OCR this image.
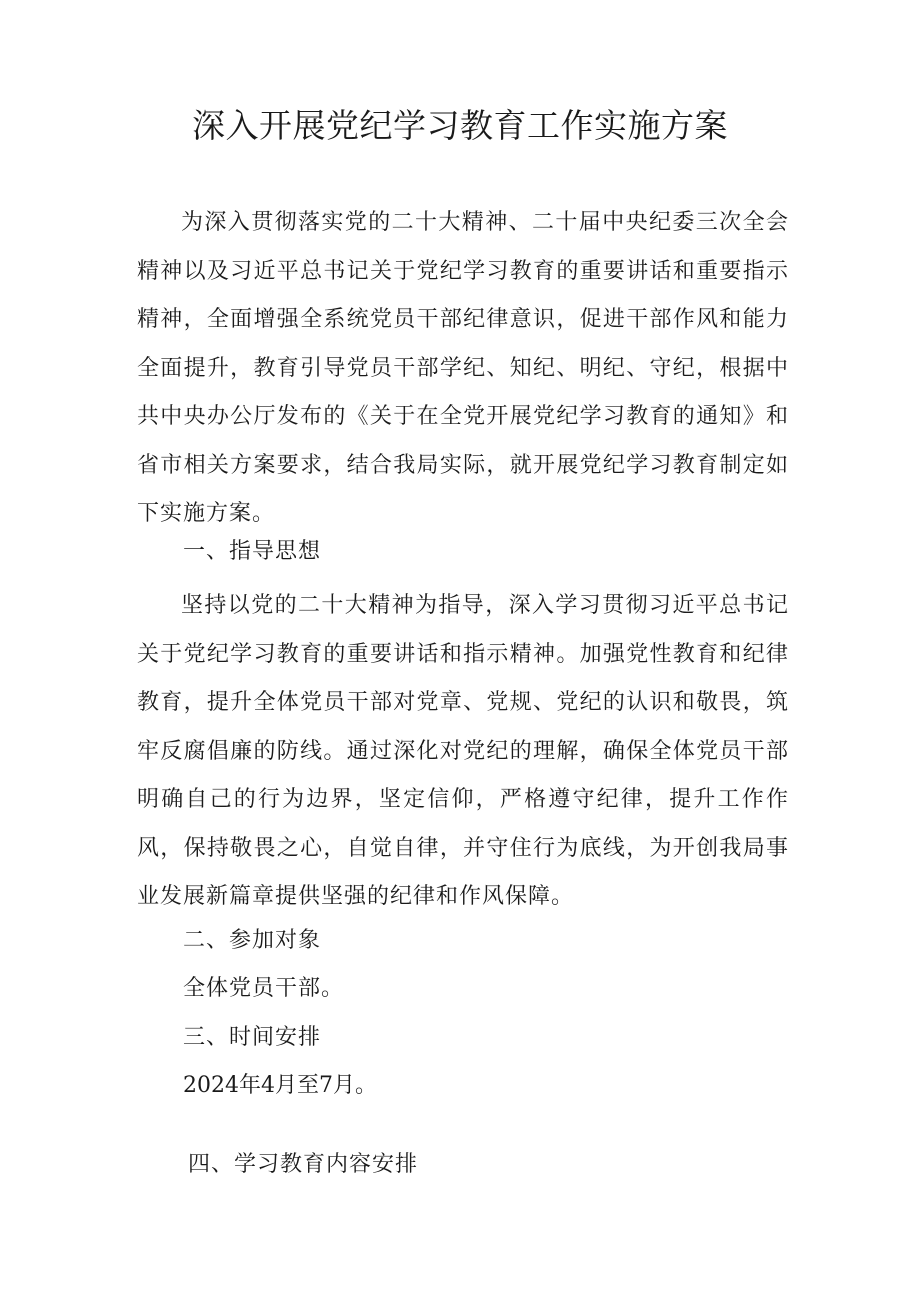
深入开展党纪学习教育工作实施方案

为深入贯彻落实党的二十大精神、二十届中央纪委三次全会精神以及习近平总书记关于党纪学习教育的重要讲话和重要指示精神，全面增强全系统党员干部纪律意识，促进干部作风和能力全面提升，教育引导党员干部学纪、知纪、明纪、守纪，根据中共中央办公厅发布的《关于在全党开展党纪学习教育的通知》和省市相关方案要求，结合我局实际，就开展党纪学习教育制定如下实施方案。

一、指导思想

坚持以党的二十大精神为指导，深入学习贯彻习近平总书记关于党纪学习教育的重要讲话和指示精神。加强党性教育和纪律教育，提升全体党员干部对党章、党规、党纪的认识和敬畏，筑牢反腐倡廉的防线。通过深化对党纪的理解，确保全体党员干部明确自己的行为边界，坚定信仰，严格遵守纪律，提升工作作风，保持敬畏之心，自觉自律，并守住行为底线，为开创我局事业发展新篇章提供坚强的纪律和作风保障。

二、参加对象
全体党员干部。
三、时间安排
2024年4月至7月。
四、学习教育内容安排
